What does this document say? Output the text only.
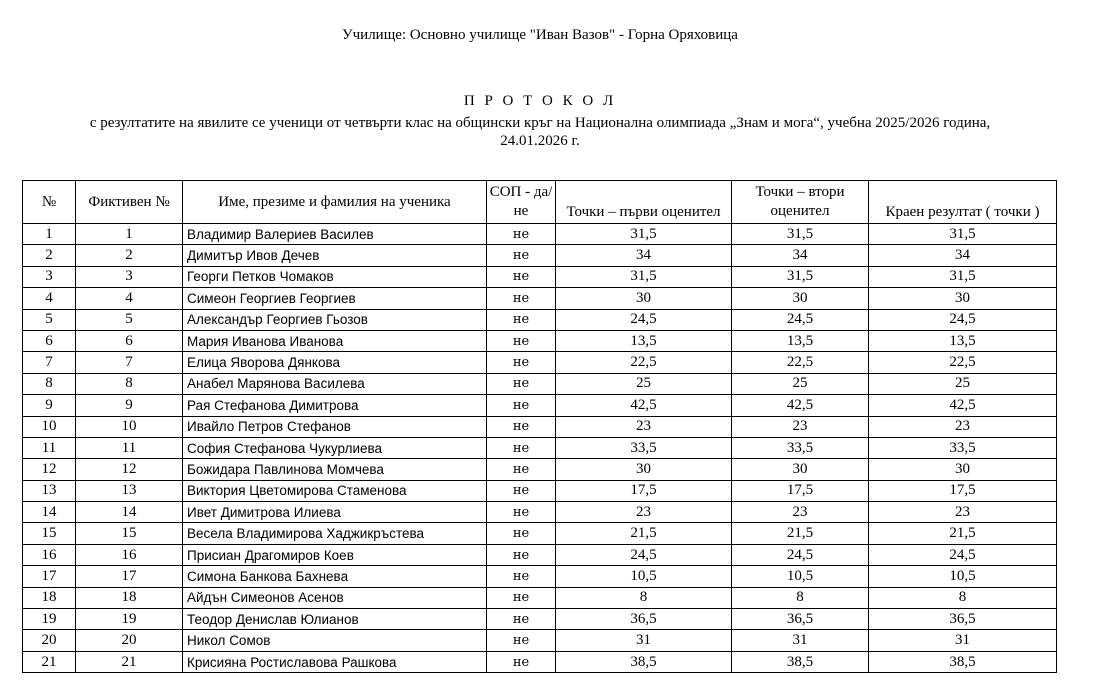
Училище: Основно училище "Иван Вазов" - Горна Оряховица
П Р О Т О К О Л
с резултатите на явилите се ученици от четвърти клас на общински кръг на Национална олимпиада „Знам и мога“, учебна 2025/2026 година,
24.01.2026 г.
№	Фиктивен №	Име, презиме и фамилия на ученика	СОП - да/не	Точки – първи оценител	Точки – втори оценител	Краен резултат ( точки )
1	1	Владимир Валериев Василев	не	31,5	31,5	31,5
2	2	Димитър Ивов Дечев	не	34	34	34
3	3	Георги Петков Чомаков	не	31,5	31,5	31,5
4	4	Симеон Георгиев Георгиев	не	30	30	30
5	5	Александър Георгиев Гьозов	не	24,5	24,5	24,5
6	6	Мария Иванова Иванова	не	13,5	13,5	13,5
7	7	Елица Яворова Дянкова	не	22,5	22,5	22,5
8	8	Анабел Марянова Василева	не	25	25	25
9	9	Рая Стефанова Димитрова	не	42,5	42,5	42,5
10	10	Ивайло Петров Стефанов	не	23	23	23
11	11	София Стефанова Чукурлиева	не	33,5	33,5	33,5
12	12	Божидара Павлинова Момчева	не	30	30	30
13	13	Виктория Цветомирова Стаменова	не	17,5	17,5	17,5
14	14	Ивет Димитрова Илиева	не	23	23	23
15	15	Весела Владимирова Хаджикръстева	не	21,5	21,5	21,5
16	16	Присиан Драгомиров Коев	не	24,5	24,5	24,5
17	17	Симона Банкова Бахнева	не	10,5	10,5	10,5
18	18	Айдън Симеонов Асенов	не	8	8	8
19	19	Теодор Денислав Юлианов	не	36,5	36,5	36,5
20	20	Никол Сомов	не	31	31	31
21	21	Крисияна Ростиславова Рашкова	не	38,5	38,5	38,5
